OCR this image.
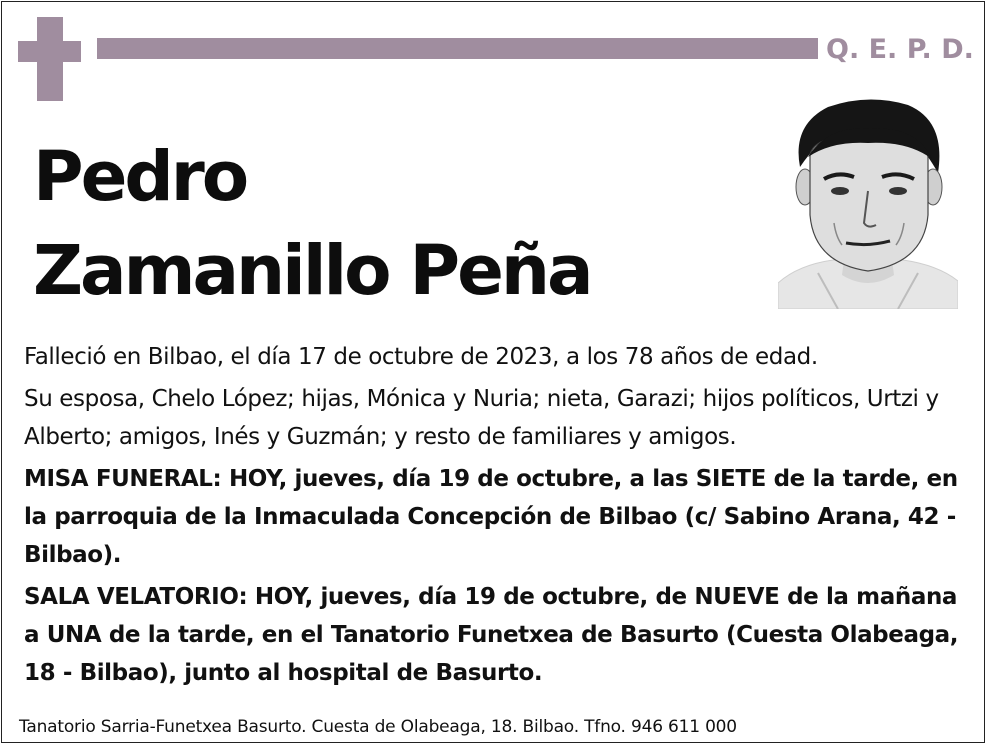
Q. E. P. D.
Pedro
Zamanillo Peña

Falleció en Bilbao, el día 17 de octubre de 2023, a los 78 años de edad.

Su esposa, Chelo López; hijas, Mónica y Nuria; nieta, Garazi; hijos políticos, Urtzi y Alberto; amigos, Inés y Guzmán; y resto de familiares y amigos.

MISA FUNERAL: HOY, jueves, día 19 de octubre, a las SIETE de la tarde, en la parroquia de la Inmaculada Concepción de Bilbao (c/ Sabino Arana, 42 - Bilbao).

SALA VELATORIO: HOY, jueves, día 19 de octubre, de NUEVE de la mañana a UNA de la tarde, en el Tanatorio Funetxea de Basurto (Cuesta Olabeaga, 18 - Bilbao), junto al hospital de Basurto.

Tanatorio Sarria-Funetxea Basurto. Cuesta de Olabeaga, 18. Bilbao. Tfno. 946 611 000
